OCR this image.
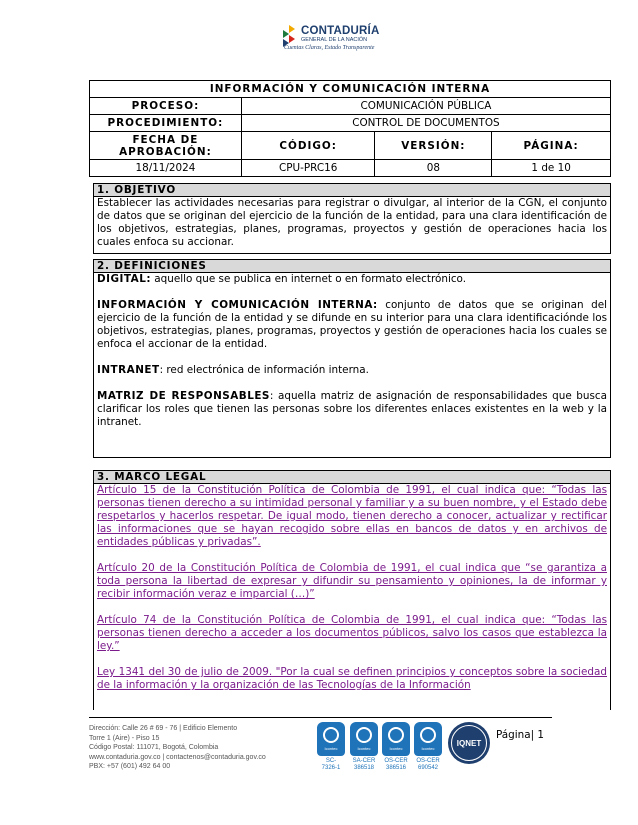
CONTADURÍA
GENERAL DE LA NACIÓN
Cuentas Claras, Estado Transparente
INFORMACIÓN Y COMUNICACIÓN INTERNA			
PROCESO:	COMUNICACIÓN PÚBLICA		
PROCEDIMIENTO:	CONTROL DE DOCUMENTOS		
FECHA DE APROBACIÓN:	CÓDIGO:	VERSIÓN:	PÁGINA:
18/11/2024	CPU-PRC16	08	1 de 10
1. OBJETIVO

Establecer las actividades necesarias para registrar o divulgar, al interior de la CGN, el conjunto de datos que se originan del ejercicio de la función de la entidad, para una clara identificación de los objetivos, estrategias, planes, programas, proyectos y gestión de operaciones hacia los cuales enfoca su accionar.

2. DEFINICIONES

DIGITAL: aquello que se publica en internet o en formato electrónico.

INFORMACIÓN Y COMUNICACIÓN INTERNA: conjunto de datos que se originan del ejercicio de la función de la entidad y se difunde en su interior para una clara identificacióndе los objetivos, estrategias, planes, programas, proyectos y gestión de operaciones hacia los cuales se enfoca el accionar de la entidad.

INTRANET: red electrónica de información interna.

MATRIZ DE RESPONSABLES: aquella matriz de asignación de responsabilidades que busca clarificar los roles que tienen las personas sobre los diferentes enlaces existentes en la web y la intranet.

3. MARCO LEGAL

Artículo 15 de la Constitución Política de Colombia de 1991, el cual indica que: “Todas las personas tienen derecho a su intimidad personal y familiar y a su buen nombre, y el Estado debe respetarlos y hacerlos respetar. De igual modo, tienen derecho a conocer, actualizar y rectificar las informaciones que se hayan recogido sobre ellas en bancos de datos y en archivos de entidades públicas y privadas”.

Artículo 20 de la Constitución Política de Colombia de 1991, el cual indica que “se garantiza a toda persona la libertad de expresar y difundir su pensamiento y opiniones, la de informar y recibir información veraz e imparcial (…)”

Artículo 74 de la Constitución Política de Colombia de 1991, el cual indica que: “Todas las personas tienen derecho a acceder a los documentos públicos, salvo los casos que establezca la ley.”

Ley 1341 del 30 de julio de 2009. "Por la cual se definen principios y conceptos sobre la sociedad de la información y la organización de las Tecnologías de la Información

Dirección: Calle 26 # 69 - 76 | Edificio Elemento
Torre 1 (Aire) - Piso 15
Código Postal: 111071, Bogotá, Colombia
www.contaduria.gov.co | contactenos@contaduria.gov.co
PBX: +57 (601) 492 64 00
Icontec
SC-
7326-1
Icontec
SA-CER
386518
Icontec
OS-CER
386516
Icontec
OS-CER
690542
IQNET
Página| 1
